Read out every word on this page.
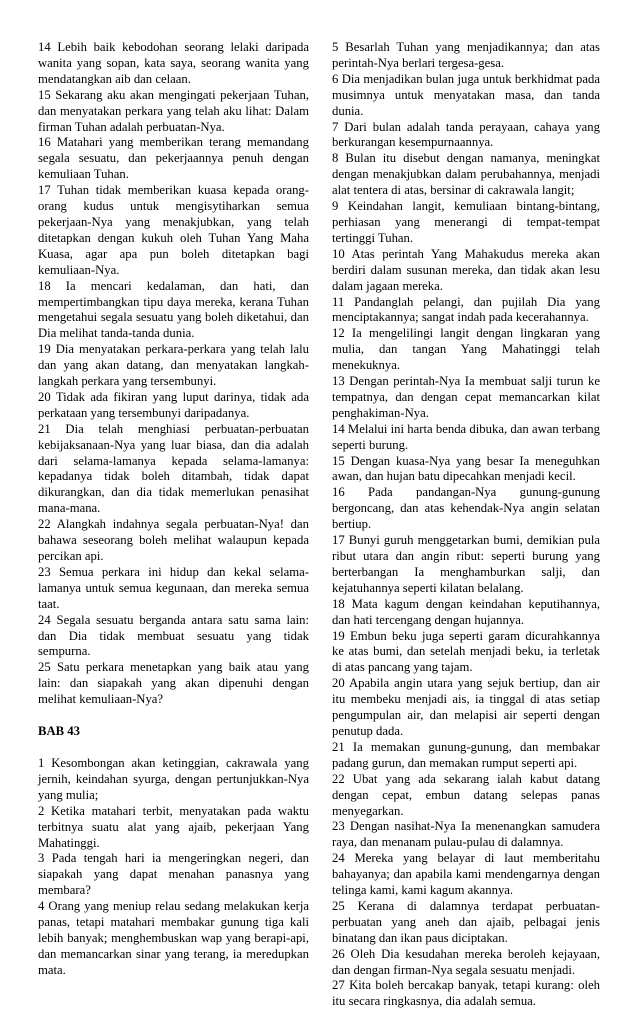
14 Lebih baik kebodohan seorang lelaki daripada wanita yang sopan, kata saya, seorang wanita yang mendatangkan aib dan celaan.

15 Sekarang aku akan mengingati pekerjaan Tuhan, dan menyatakan perkara yang telah aku lihat: Dalam firman Tuhan adalah perbuatan-Nya.

16 Matahari yang memberikan terang memandang segala sesuatu, dan pekerjaannya penuh dengan kemuliaan Tuhan.

17 Tuhan tidak memberikan kuasa kepada orang-orang kudus untuk mengisytiharkan semua pekerjaan-Nya yang menakjubkan, yang telah ditetapkan dengan kukuh oleh Tuhan Yang Maha Kuasa, agar apa pun boleh ditetapkan bagi kemuliaan-Nya.

18 Ia mencari kedalaman, dan hati, dan mempertimbangkan tipu daya mereka, kerana Tuhan mengetahui segala sesuatu yang boleh diketahui, dan Dia melihat tanda-tanda dunia.

19 Dia menyatakan perkara-perkara yang telah lalu dan yang akan datang, dan menyatakan langkah-langkah perkara yang tersembunyi.

20 Tidak ada fikiran yang luput darinya, tidak ada perkataan yang tersembunyi daripadanya.

21 Dia telah menghiasi perbuatan-perbuatan kebijaksanaan-Nya yang luar biasa, dan dia adalah dari selama-lamanya kepada selama-lamanya: kepadanya tidak boleh ditambah, tidak dapat dikurangkan, dan dia tidak memerlukan penasihat mana-mana.

22 Alangkah indahnya segala perbuatan-Nya! dan bahawa seseorang boleh melihat walaupun kepada percikan api.

23 Semua perkara ini hidup dan kekal selama-lamanya untuk semua kegunaan, dan mereka semua taat.

24 Segala sesuatu berganda antara satu sama lain: dan Dia tidak membuat sesuatu yang tidak sempurna.

25 Satu perkara menetapkan yang baik atau yang lain: dan siapakah yang akan dipenuhi dengan melihat kemuliaan-Nya?

BAB 43

1 Kesombongan akan ketinggian, cakrawala yang jernih, keindahan syurga, dengan pertunjukkan-Nya yang mulia;

2 Ketika matahari terbit, menyatakan pada waktu terbitnya suatu alat yang ajaib, pekerjaan Yang Mahatinggi.

3 Pada tengah hari ia mengeringkan negeri, dan siapakah yang dapat menahan panasnya yang membara?

4 Orang yang meniup relau sedang melakukan kerja panas, tetapi matahari membakar gunung tiga kali lebih banyak; menghembuskan wap yang berapi-api, dan memancarkan sinar yang terang, ia meredupkan mata.

5 Besarlah Tuhan yang menjadikannya; dan atas perintah-Nya berlari tergesa-gesa.

6 Dia menjadikan bulan juga untuk berkhidmat pada musimnya untuk menyatakan masa, dan tanda dunia.

7 Dari bulan adalah tanda perayaan, cahaya yang berkurangan kesempurnaannya.

8 Bulan itu disebut dengan namanya, meningkat dengan menakjubkan dalam perubahannya, menjadi alat tentera di atas, bersinar di cakrawala langit;

9 Keindahan langit, kemuliaan bintang-bintang, perhiasan yang menerangi di tempat-tempat tertinggi Tuhan.

10 Atas perintah Yang Mahakudus mereka akan berdiri dalam susunan mereka, dan tidak akan lesu dalam jagaan mereka.

11 Pandanglah pelangi, dan pujilah Dia yang menciptakannya; sangat indah pada kecerahannya.

12 Ia mengelilingi langit dengan lingkaran yang mulia, dan tangan Yang Mahatinggi telah menekuknya.

13 Dengan perintah-Nya Ia membuat salji turun ke tempatnya, dan dengan cepat memancarkan kilat penghakiman-Nya.

14 Melalui ini harta benda dibuka, dan awan terbang seperti burung.

15 Dengan kuasa-Nya yang besar Ia meneguhkan awan, dan hujan batu dipecahkan menjadi kecil.

16 Pada pandangan-Nya gunung-gunung bergoncang, dan atas kehendak-Nya angin selatan bertiup.

17 Bunyi guruh menggetarkan bumi, demikian pula ribut utara dan angin ribut: seperti burung yang berterbangan Ia menghamburkan salji, dan kejatuhannya seperti kilatan belalang.

18 Mata kagum dengan keindahan keputihannya, dan hati tercengang dengan hujannya.

19 Embun beku juga seperti garam dicurahkannya ke atas bumi, dan setelah menjadi beku, ia terletak di atas pancang yang tajam.

20 Apabila angin utara yang sejuk bertiup, dan air itu membeku menjadi ais, ia tinggal di atas setiap pengumpulan air, dan melapisi air seperti dengan penutup dada.

21 Ia memakan gunung-gunung, dan membakar padang gurun, dan memakan rumput seperti api.

22 Ubat yang ada sekarang ialah kabut datang dengan cepat, embun datang selepas panas menyegarkan.

23 Dengan nasihat-Nya Ia menenangkan samudera raya, dan menanam pulau-pulau di dalamnya.

24 Mereka yang belayar di laut memberitahu bahayanya; dan apabila kami mendengarnya dengan telinga kami, kami kagum akannya.

25 Kerana di dalamnya terdapat perbuatan-perbuatan yang aneh dan ajaib, pelbagai jenis binatang dan ikan paus diciptakan.

26 Oleh Dia kesudahan mereka beroleh kejayaan, dan dengan firman-Nya segala sesuatu menjadi.

27 Kita boleh bercakap banyak, tetapi kurang: oleh itu secara ringkasnya, dia adalah semua.
